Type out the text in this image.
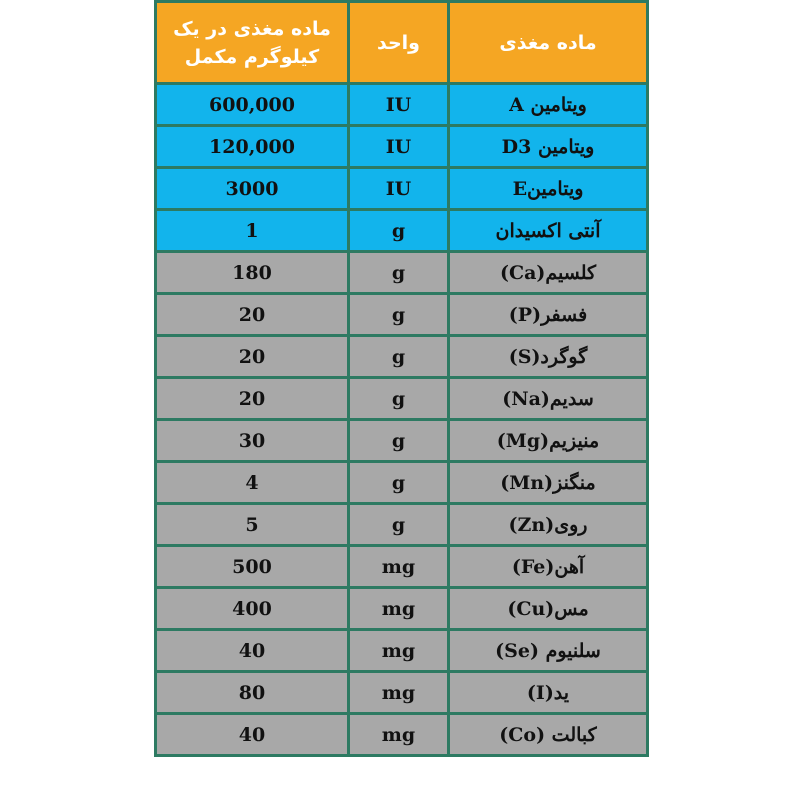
ماده مغذی در یک کیلوگرم مکمل	واحد	ماده مغذی
600,000	IU	ویتامین A
120,000	IU	ویتامین D3
3000	IU	ویتامینE
1	g	آنتی اکسیدان
180	g	کلسیم(Ca)
20	g	فسفر(P)
20	g	گوگرد(S)
20	g	سدیم(Na)
30	g	منیزیم(Mg)
4	g	منگنز(Mn)
5	g	روی(Zn)
500	mg	آهن(Fe)
400	mg	مس(Cu)
40	mg	سلنیوم (Se)
80	mg	ید(I)
40	mg	کبالت (Co)
